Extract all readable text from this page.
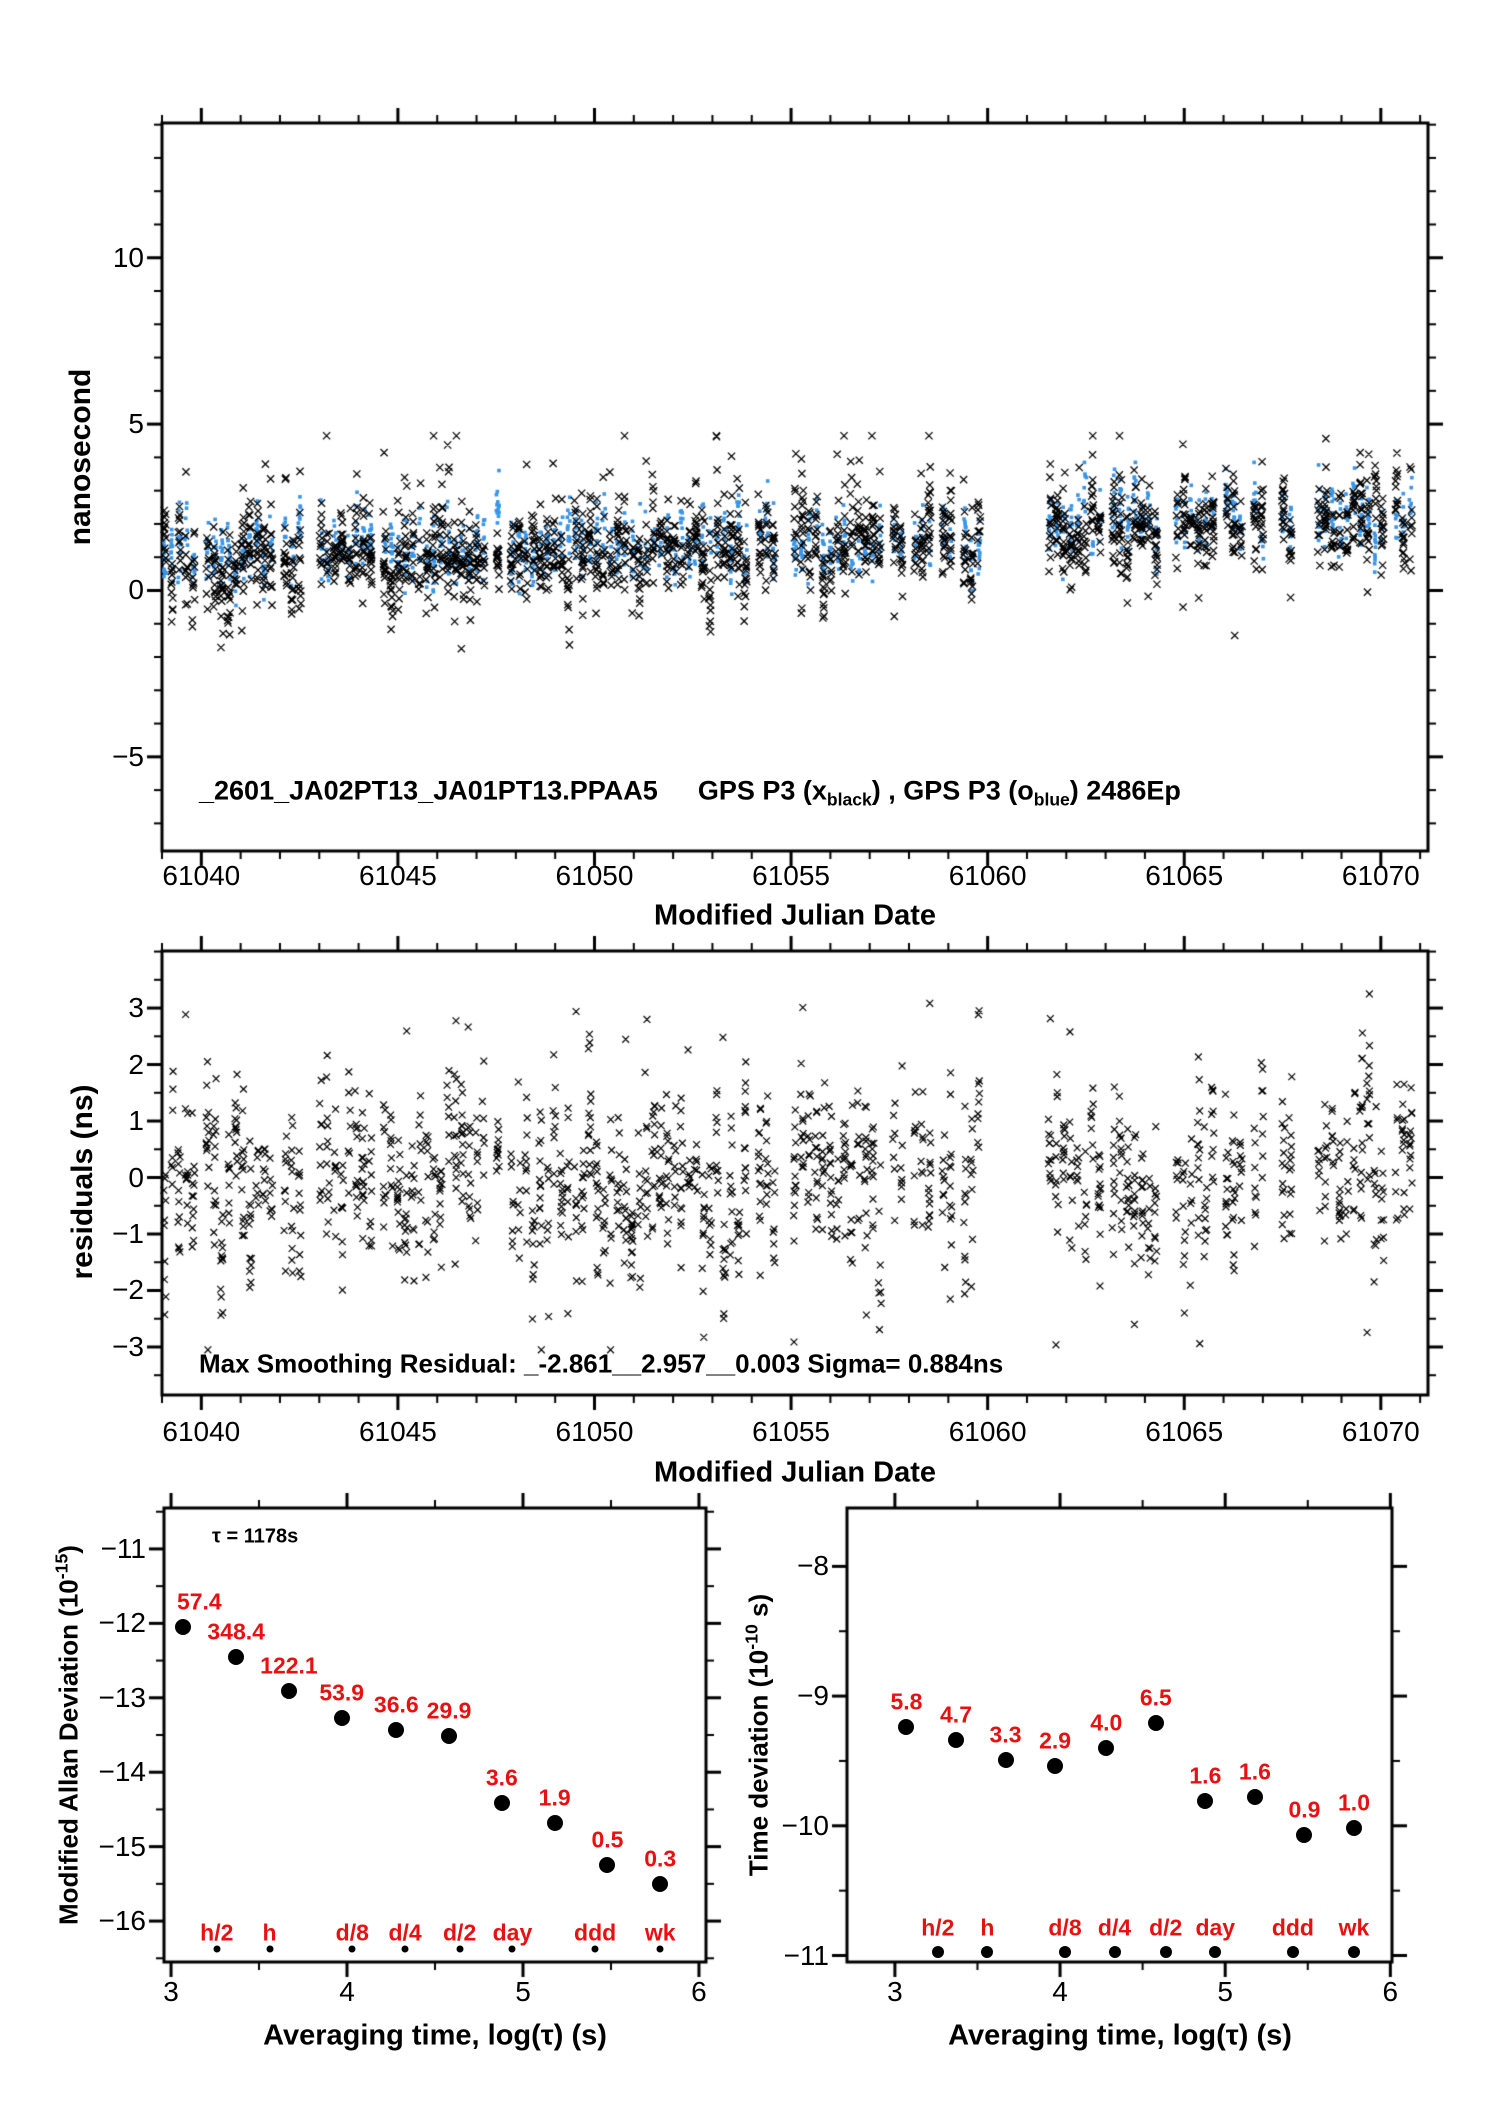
nanosecond
_2601_JA02PT13_JA01PT13.PPAA5 GPS P3 $(x_{black})$ , GPS P3 $(o_{blue})$ 2486Ep
Modified Julian Date
residuals (ns)
Max Smoothing Residual: _-2.861__2.957__0.003 Sigma= 0.884ns
Modified Julian Date
Modified Allan Deviation $(10^{-15})$
τ = 1178s
Averaging time, log(τ) (s)
Time deviation ($10^{-10}$ s)
Averaging time, log(τ) (s)
61040	61045	61050	61055	61060	61065	61070
10
5
0
−5
61040	61045	61050	61055	61060	61065	61070
3
2
1
0
−1
−2
−3
3	4	5	6
−11
−12
−13
−14
−15
−16
3	4	5	6
−8
−9
−10
−11
57.4
348.4
122.1
53.9 36.6 29.9
3.6
1.9
0.5
0.3
h/2 h	d/8 d/4 d/2 day ddd wk
5.8 4.7
3.3 2.9
4.0
6.5
1.6 1.6
0.9 1.0
h/2 h d/8 d/4 d/2 day ddd wk
